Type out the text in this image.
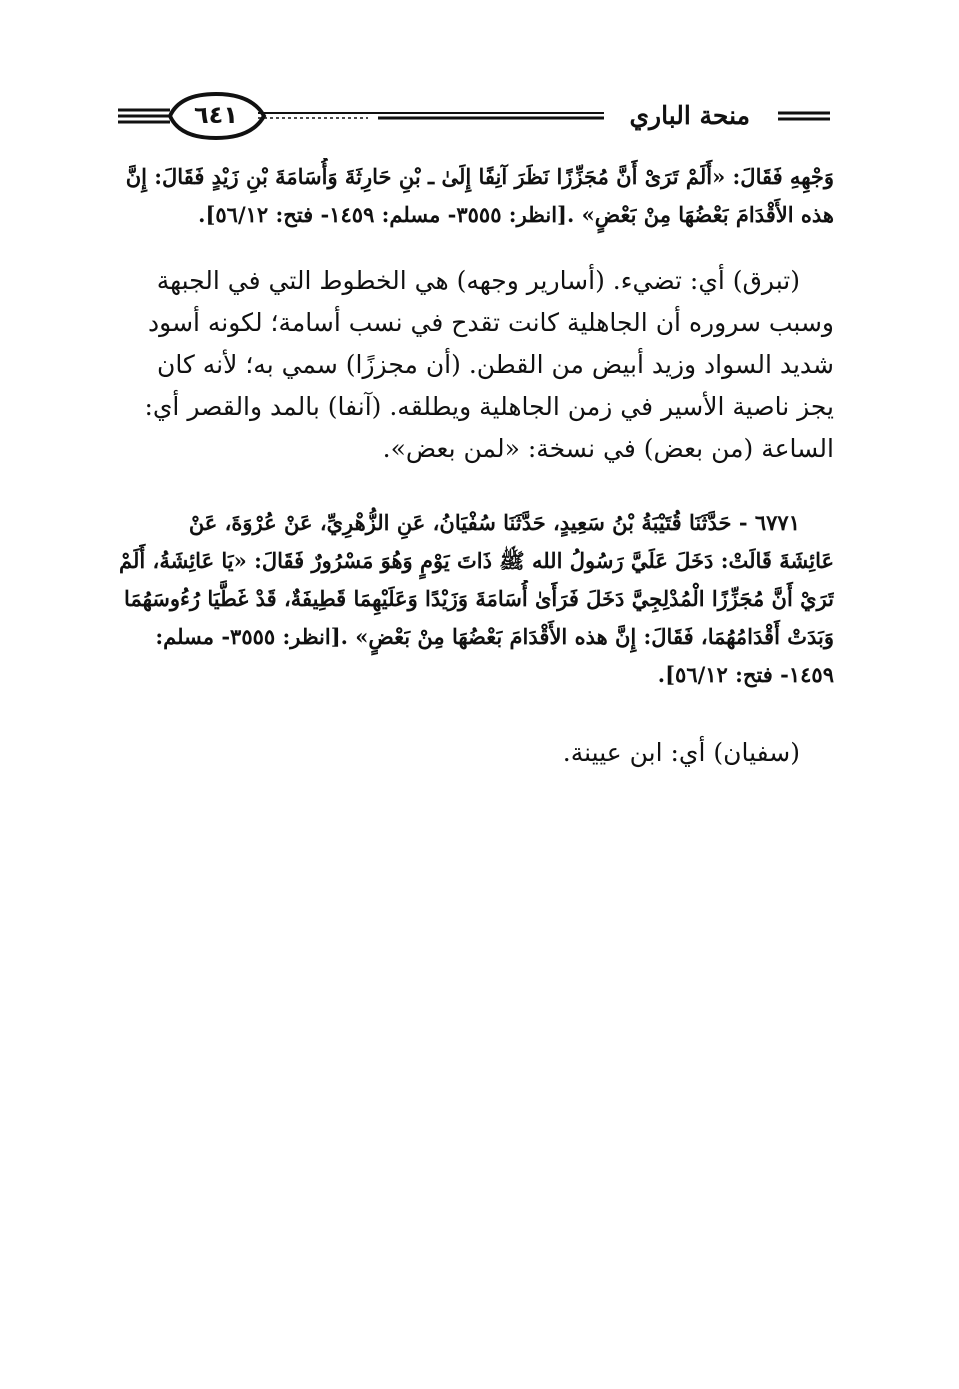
منحة الباري
٦٤١
وَجْهِهِ فَقَالَ: «أَلَمْ تَرَىْ أَنَّ مُجَزِّزًا نَظَرَ آنِفًا إِلَىٰ ـ بْنِ حَارِثَةَ وَأُسَامَةَ بْنِ زَيْدٍ فَقَالَ: إِنَّ
هذه الأَقْدَامَ بَعْضُهَا مِنْ بَعْضٍ» .[انظر: ٣٥٥٥- مسلم: ١٤٥٩- فتح: ٥٦/١٢].
(تبرق) أي: تضيء. (أسارير وجهه) هي الخطوط التي في الجبهة
وسبب سروره أن الجاهلية كانت تقدح في نسب أسامة؛ لكونه أسود
شديد السواد وزيد أبيض من القطن. (أن مجززًا) سمي به؛ لأنه كان
يجز ناصية الأسير في زمن الجاهلية ويطلقه. (آنفا) بالمد والقصر أي:
الساعة (من بعض) في نسخة: «لمن بعض».
٦٧٧١ - حَدَّثَنَا قُتَيْبَةُ بْنُ سَعِيدٍ، حَدَّثَنَا سُفْيَانُ، عَنِ الزُّهْرِيِّ، عَنْ عُرْوَةَ، عَنْ
عَائِشَةَ قَالَتْ: دَخَلَ عَلَيَّ رَسُولُ الله ﷺ ذَاتَ يَوْمٍ وَهُوَ مَسْرُورٌ فَقَالَ: «يَا عَائِشَةُ، أَلَمْ
تَرَيْ أَنَّ مُجَزِّزًا الْمُدْلِجِيَّ دَخَلَ فَرَأَىٰ أُسَامَةَ وَزَيْدًا وَعَلَيْهِمَا قَطِيفَةٌ، قَدْ غَطَّيَا رُءُوسَهُمَا
وَبَدَتْ أَقْدَامُهُمَا، فَقَالَ: إِنَّ هذه الأَقْدَامَ بَعْضُهَا مِنْ بَعْضٍ» .[انظر: ٣٥٥٥- مسلم:
١٤٥٩- فتح: ٥٦/١٢].
(سفيان) أي: ابن عيينة.
